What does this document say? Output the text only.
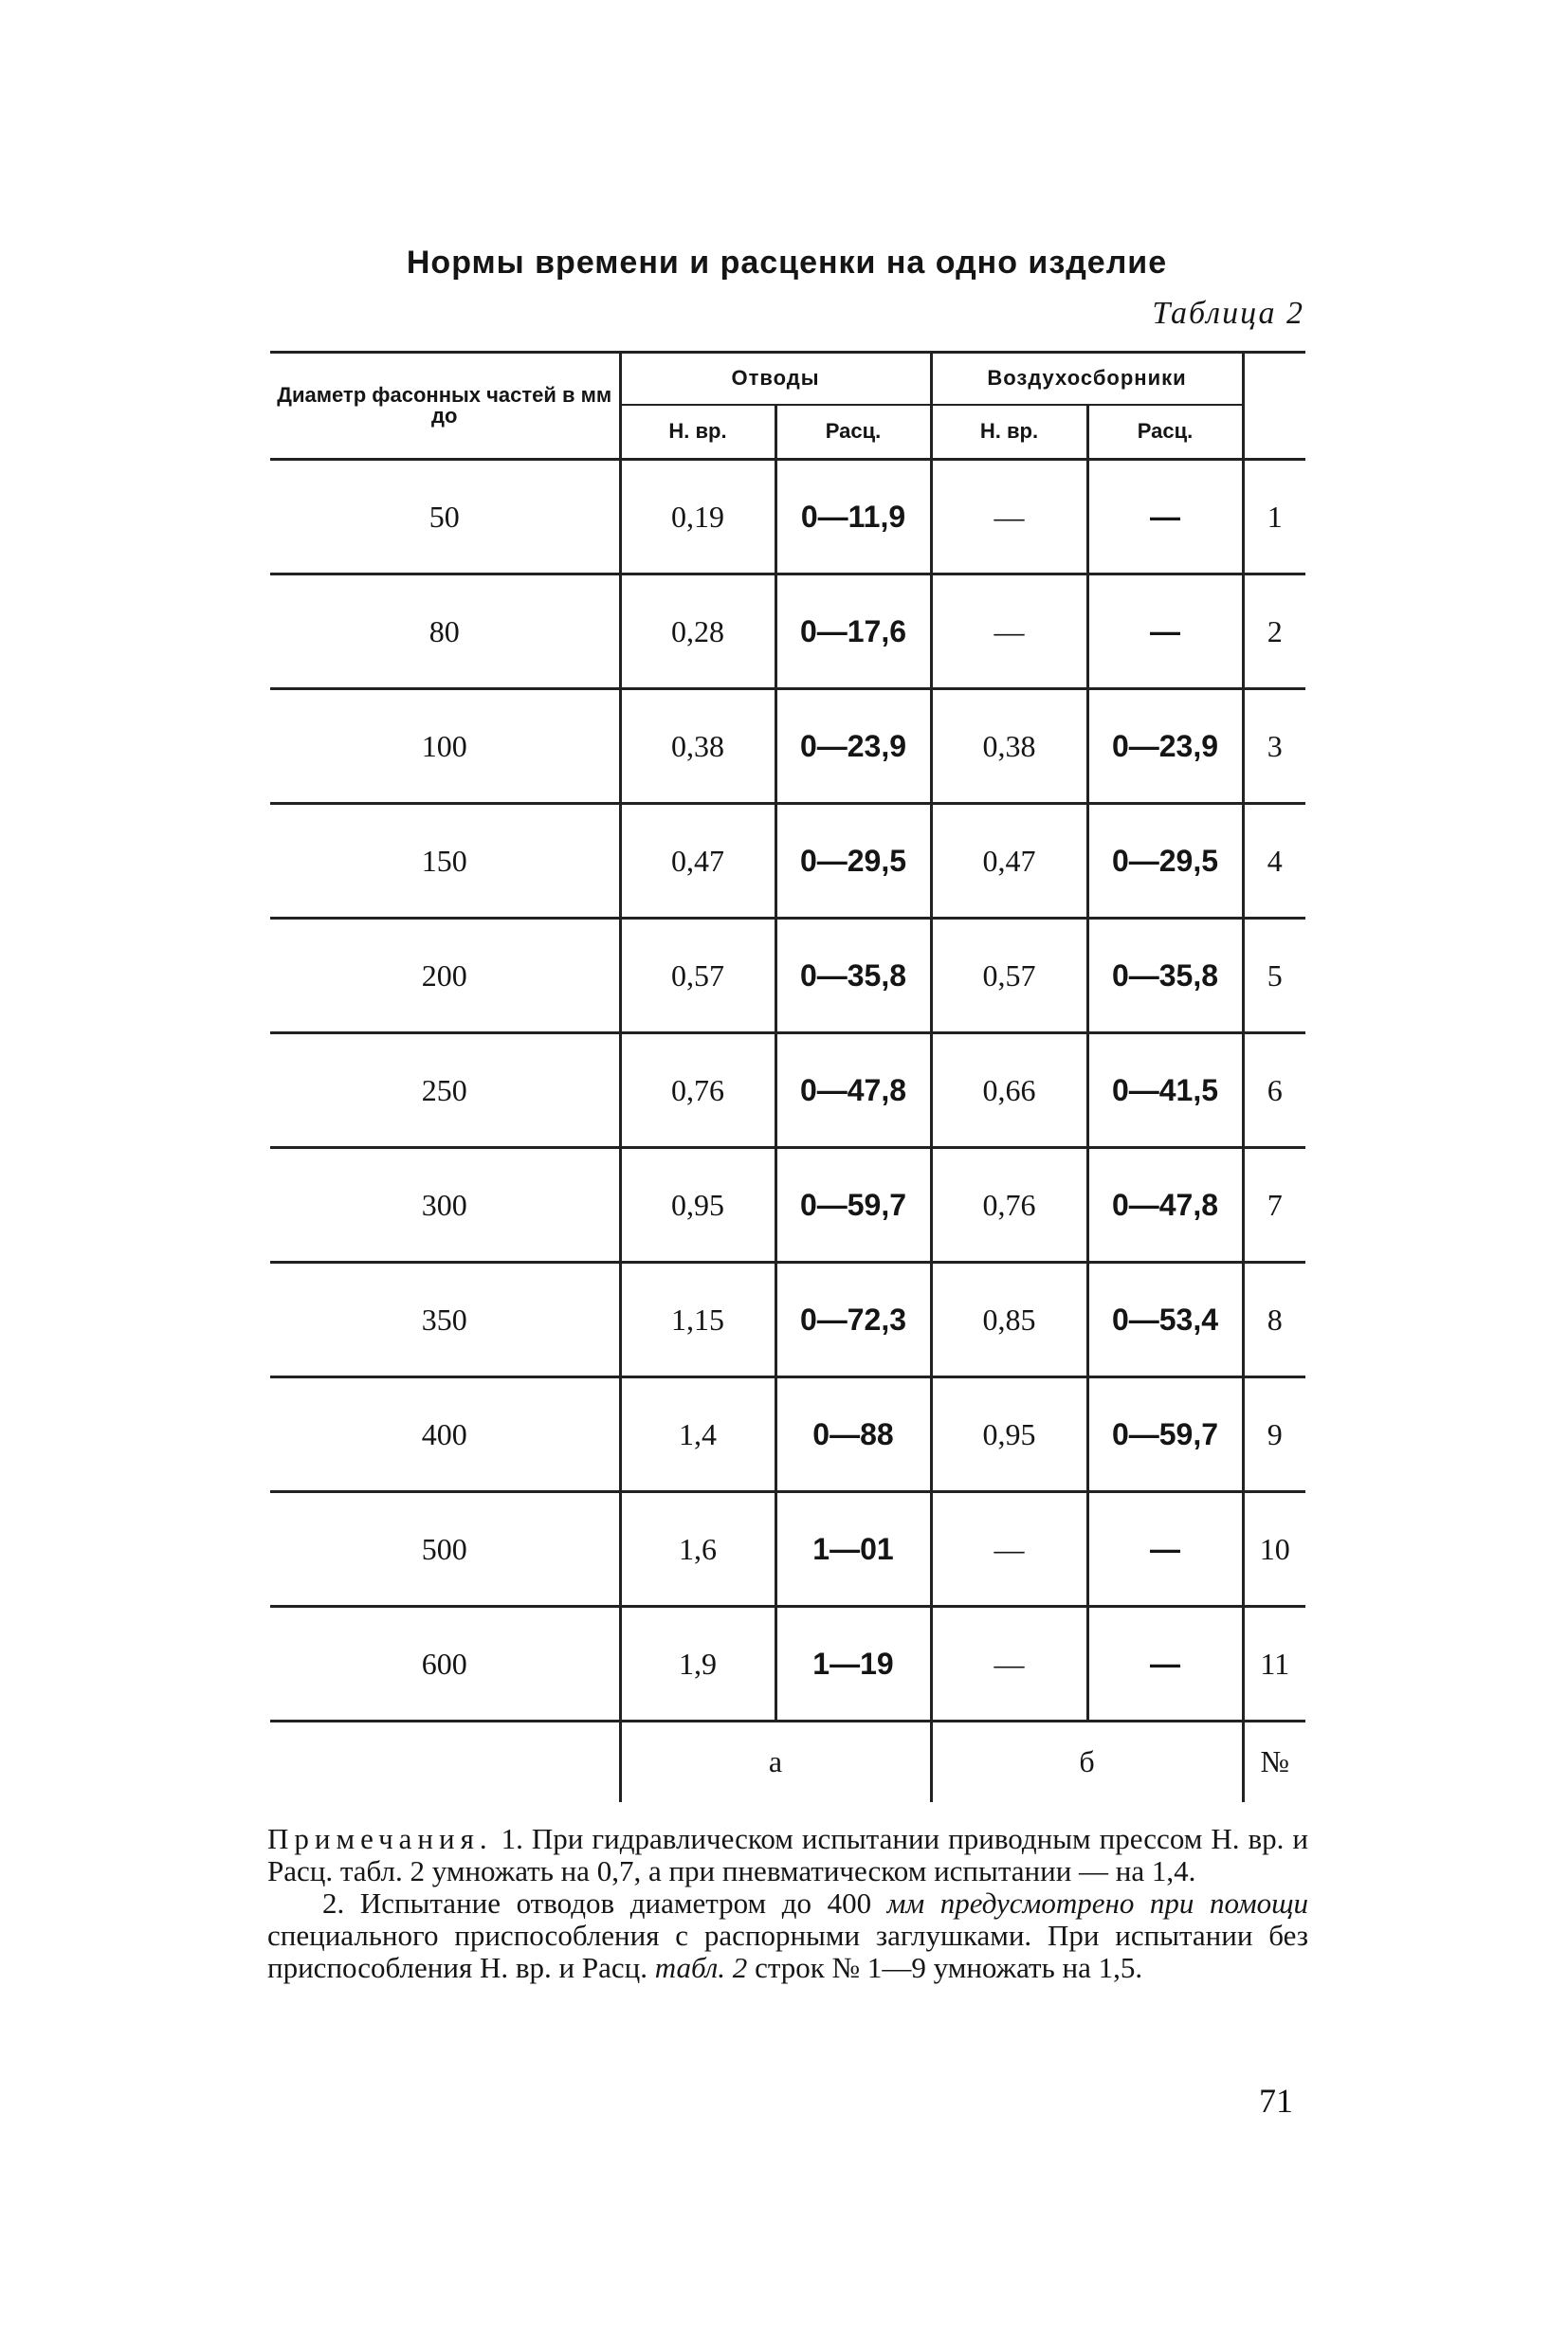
Нормы времени и расценки на одно изделие
Таблица 2
Диаметр фасонных частей в мм до	Отводы		Воздухосборники		
	Н. вр.	Расц.	Н. вр.	Расц.	
50	0,19	0—11,9	—	—	1
80	0,28	0—17,6	—	—	2
100	0,38	0—23,9	0,38	0—23,9	3
150	0,47	0—29,5	0,47	0—29,5	4
200	0,57	0—35,8	0,57	0—35,8	5
250	0,76	0—47,8	0,66	0—41,5	6
300	0,95	0—59,7	0,76	0—47,8	7
350	1,15	0—72,3	0,85	0—53,4	8
400	1,4	0—88	0,95	0—59,7	9
500	1,6	1—01	—	—	10
600	1,9	1—19	—	—	11
	а		б		№

Примечания. 1. При гидравлическом испытании приводным прессом Н. вр. и Расц. табл. 2 умножать на 0,7, а при пневматическом испытании — на 1,4.

2. Испытание отводов диаметром до 400 мм предусмотрено при помощи специального приспособления с распорными заглушками. При испытании без приспособления Н. вр. и Расц. табл. 2 строк № 1—9 умножать на 1,5.

71
